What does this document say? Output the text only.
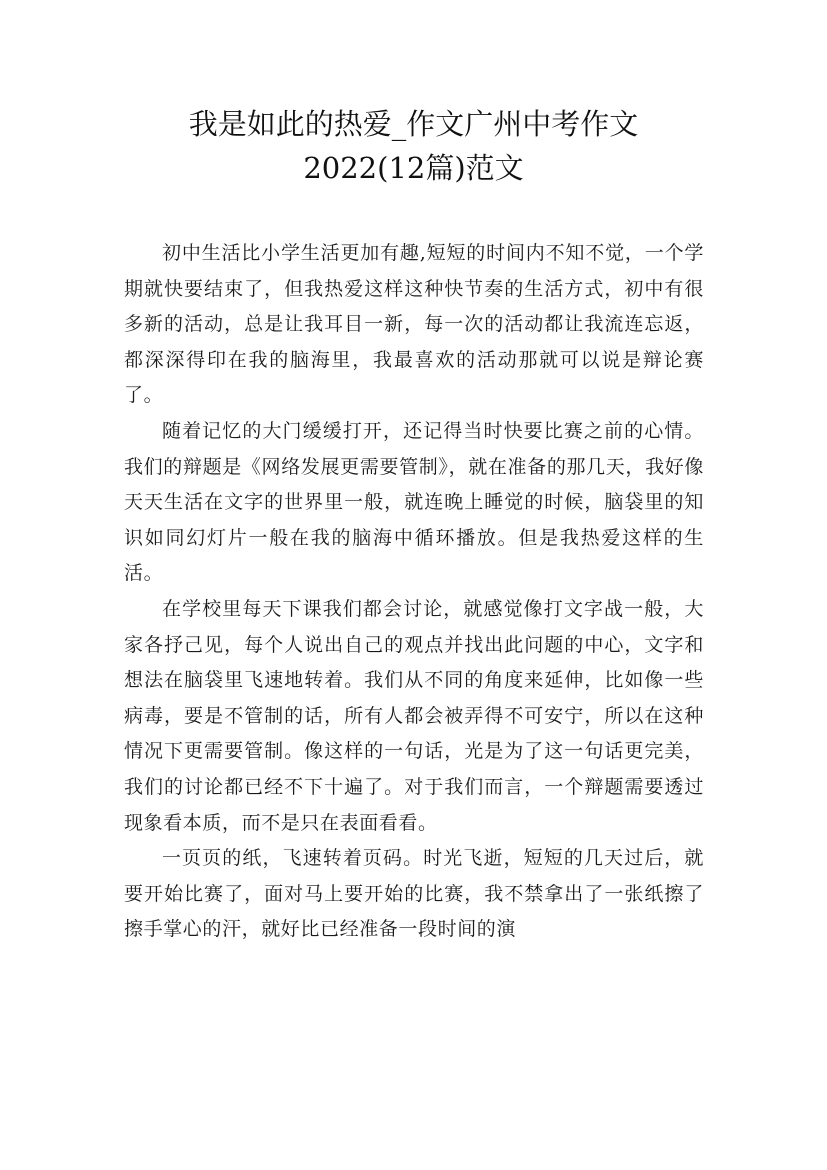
我是如此的热爱_作文广州中考作文
2022(12篇)范文

初中生活比小学生活更加有趣,短短的时间内不知不觉，一个学期就快要结束了，但我热爱这样这种快节奏的生活方式，初中有很多新的活动，总是让我耳目一新，每一次的活动都让我流连忘返，都深深得印在我的脑海里，我最喜欢的活动那就可以说是辩论赛了。

随着记忆的大门缓缓打开，还记得当时快要比赛之前的心情。我们的辩题是《网络发展更需要管制》，就在准备的那几天，我好像天天生活在文字的世界里一般，就连晚上睡觉的时候，脑袋里的知识如同幻灯片一般在我的脑海中循环播放。但是我热爱这样的生活。

在学校里每天下课我们都会讨论，就感觉像打文字战一般，大家各抒己见，每个人说出自己的观点并找出此问题的中心，文字和想法在脑袋里飞速地转着。我们从不同的角度来延伸，比如像一些病毒，要是不管制的话，所有人都会被弄得不可安宁，所以在这种情况下更需要管制。像这样的一句话，光是为了这一句话更完美，我们的讨论都已经不下十遍了。对于我们而言，一个辩题需要透过现象看本质，而不是只在表面看看。

一页页的纸，飞速转着页码。时光飞逝，短短的几天过后，就要开始比赛了，面对马上要开始的比赛，我不禁拿出了一张纸擦了擦手掌心的汗，就好比已经准备一段时间的演
